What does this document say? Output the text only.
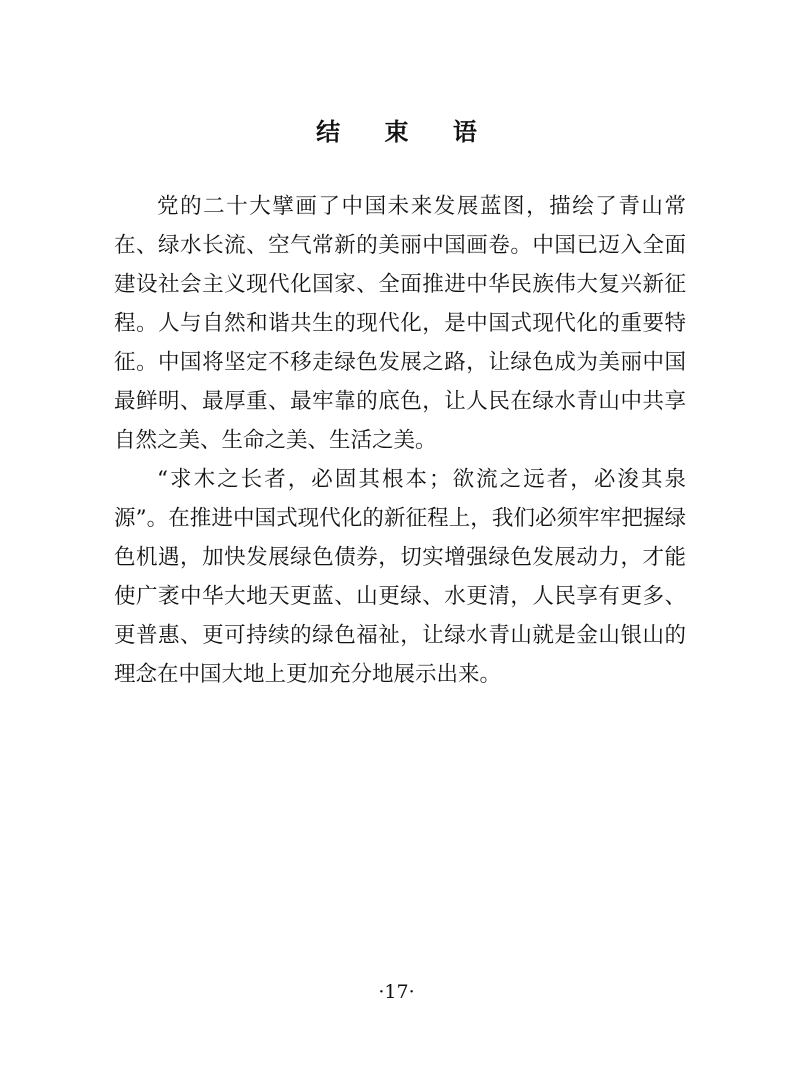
结 束 语

党的二十大擘画了中国未来发展蓝图，描绘了青山常在、绿水长流、空气常新的美丽中国画卷。中国已迈入全面建设社会主义现代化国家、全面推进中华民族伟大复兴新征程。人与自然和谐共生的现代化，是中国式现代化的重要特征。中国将坚定不移走绿色发展之路，让绿色成为美丽中国最鲜明、最厚重、最牢靠的底色，让人民在绿水青山中共享自然之美、生命之美、生活之美。

“求木之长者，必固其根本；欲流之远者，必浚其泉源”。在推进中国式现代化的新征程上，我们必须牢牢把握绿色机遇，加快发展绿色债券，切实增强绿色发展动力，才能使广袤中华大地天更蓝、山更绿、水更清，人民享有更多、更普惠、更可持续的绿色福祉，让绿水青山就是金山银山的理念在中国大地上更加充分地展示出来。

·17·
